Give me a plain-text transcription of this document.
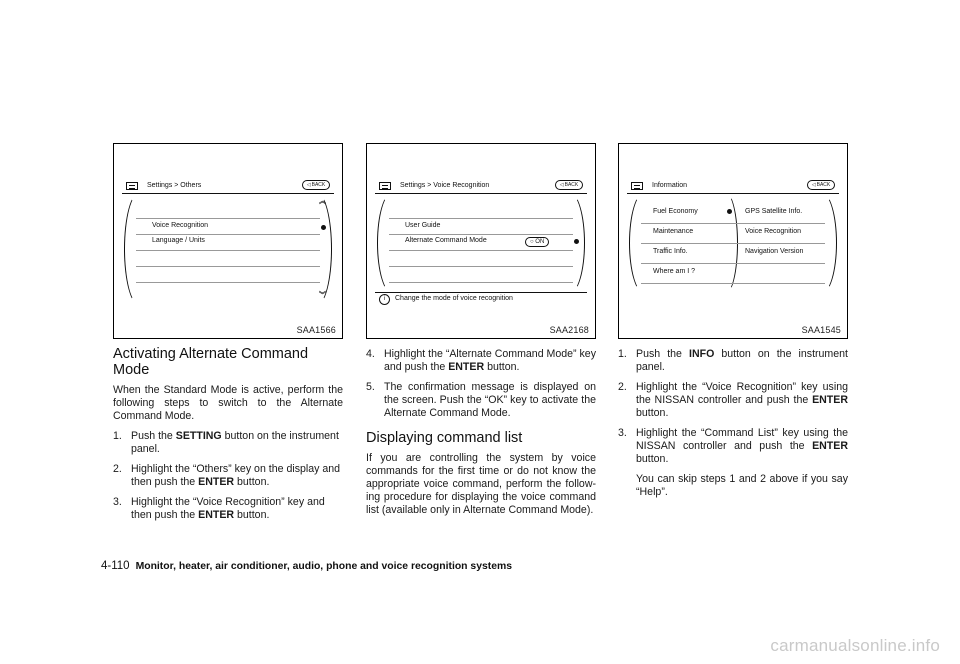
Settings > Others	◁ BACK
Voice Recognition
Language / Units
︽
︾
SAA1566
Activating Alternate Command Mode

When the Standard Mode is active, perform the following steps to switch to the Alternate Command Mode.

1. Push the SETTING button on the instrument panel.
2. Highlight the “Others” key on the display and then push the ENTER button.
3. Highlight the “Voice Recognition” key and then push the ENTER button.
Settings > Voice Recognition	◁ BACK
User Guide
Alternate Command Mode	○ ON
i	Change the mode of voice recognition
SAA2168
4. Highlight the “Alternate Command Mode” key and push the ENTER button.
5. The confirmation message is displayed on the screen. Push the “OK” key to activate the Alternate Command Mode.
Displaying command list

If you are controlling the system by voice commands for the first time or do not know the appropriate voice command, perform the follow-ing procedure for displaying the voice command list (available only in Alternate Command Mode).

Information	◁ BACK
Fuel Economy
Maintenance
Traffic Info.
Where am I ?
GPS Satellite Info.
Voice Recognition
Navigation Version
SAA1545
1. Push the INFO button on the instrument panel.
2. Highlight the “Voice Recognition” key using the NISSAN controller and push the ENTER button.
3. Highlight the “Command List” key using the NISSAN controller and push the ENTER button.

You can skip steps 1 and 2 above if you say “Help”.

4-110 Monitor, heater, air conditioner, audio, phone and voice recognition systems
carmanualsonline.info
